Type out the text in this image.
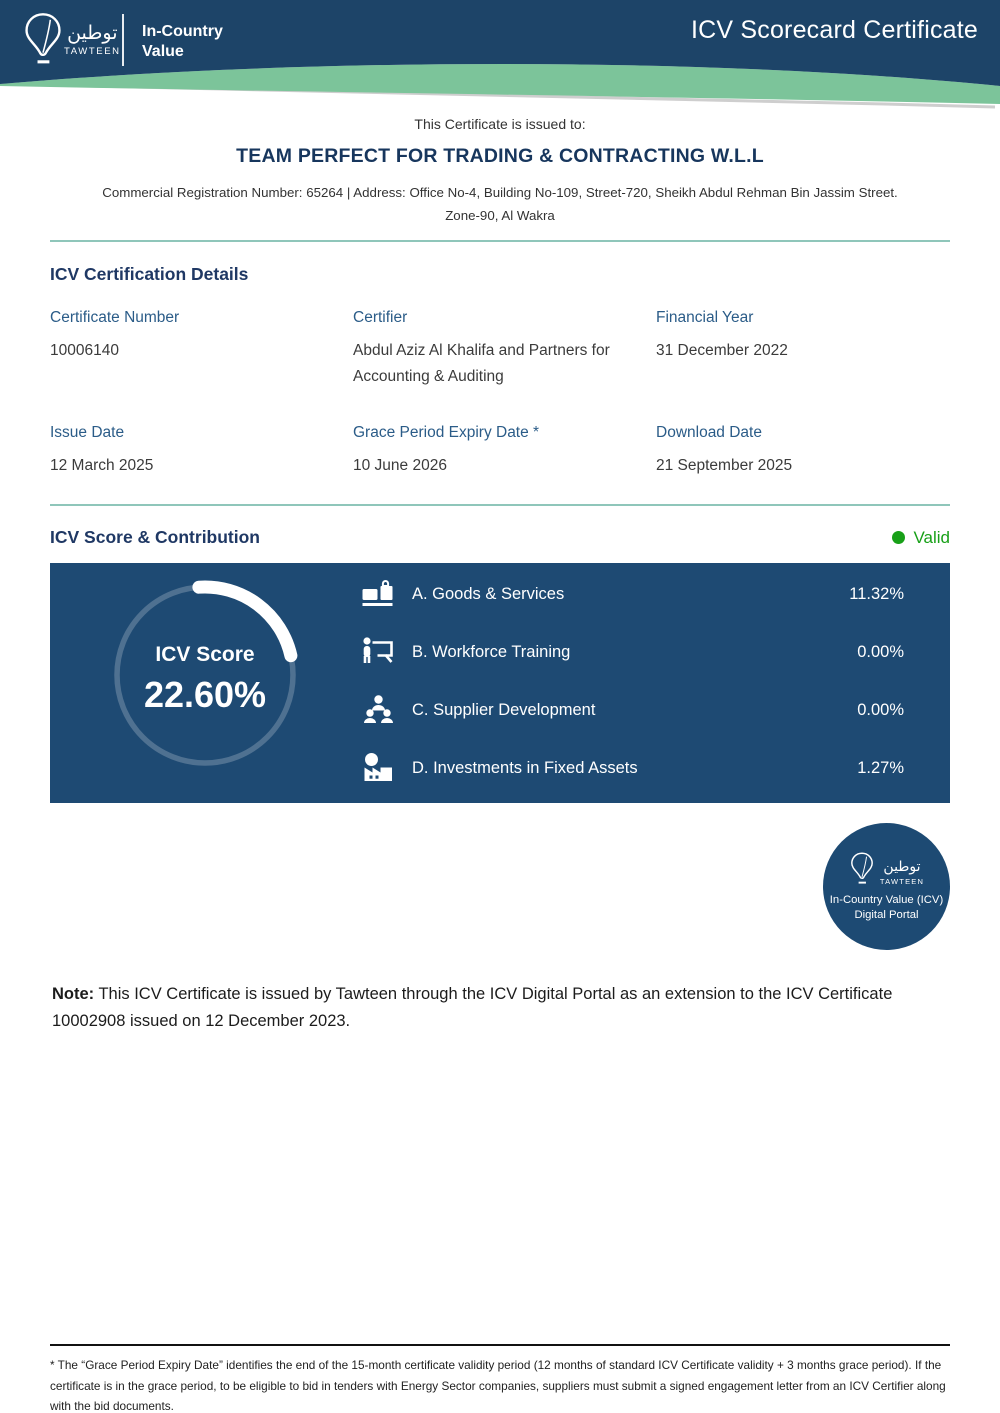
توطين
TAWTEEN
In-Country
Value
ICV Scorecard Certificate
This Certificate is issued to:
TEAM PERFECT FOR TRADING & CONTRACTING W.L.L
Commercial Registration Number: 65264 | Address: Office No-4, Building No-109, Street-720, Sheikh Abdul Rehman Bin Jassim Street.
Zone-90, Al Wakra
ICV Certification Details
Certificate Number
10006140
Certifier
Abdul Aziz Al Khalifa and Partners for Accounting & Auditing
Financial Year
31 December 2022
Issue Date
12 March 2025
Grace Period Expiry Date *
10 June 2026
Download Date
21 September 2025
ICV Score & Contribution	Valid
ICV Score
22.60%
A. Goods & Services	11.32%
B. Workforce Training	0.00%
C. Supplier Development	0.00%
D. Investments in Fixed Assets	1.27%
توطين
TAWTEEN
In-Country Value (ICV)
Digital Portal
Note: This ICV Certificate is issued by Tawteen through the ICV Digital Portal as an extension to the ICV Certificate 10002908 issued on 12 December 2023.
* The “Grace Period Expiry Date” identifies the end of the 15-month certificate validity period (12 months of standard ICV Certificate validity + 3 months grace period). If the certificate is in the grace period, to be eligible to bid in tenders with Energy Sector companies, suppliers must submit a signed engagement letter from an ICV Certifier along with the bid documents.
